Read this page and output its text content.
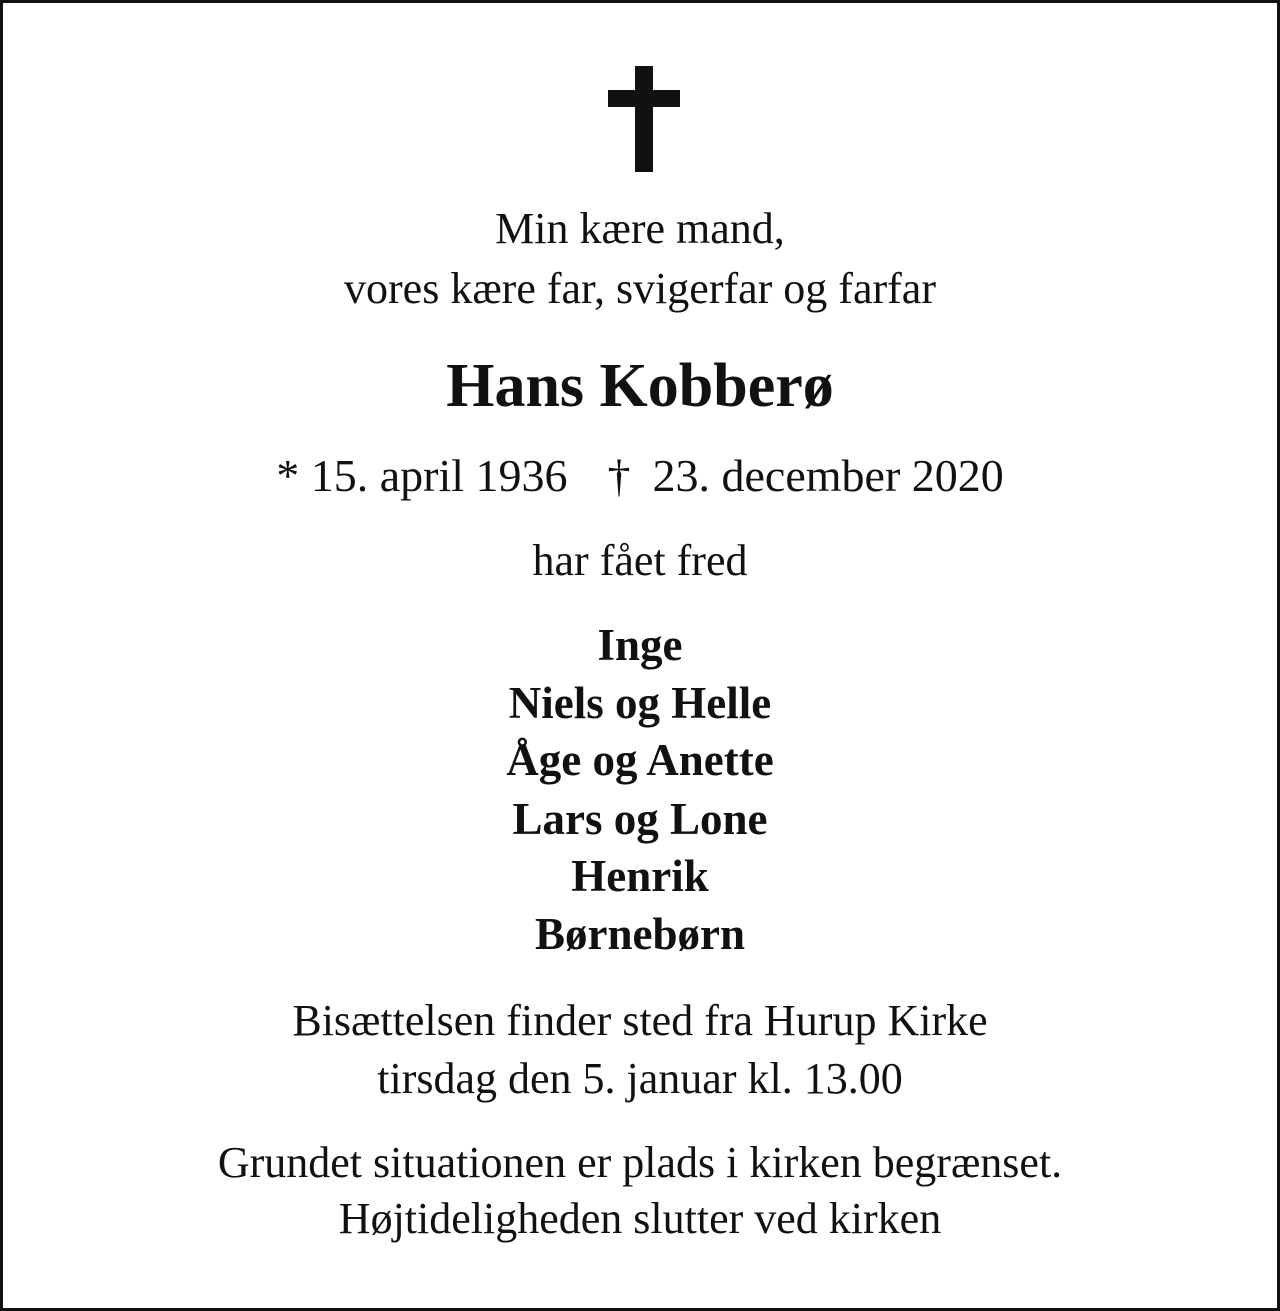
Min kære mand,
vores kære far, svigerfar og farfar
Hans Kobberø
* 15. april 1936 † 23. december 2020
har fået fred
Inge
Niels og Helle
Åge og Anette
Lars og Lone
Henrik
Børnebørn
Bisættelsen finder sted fra Hurup Kirke
tirsdag den 5. januar kl. 13.00
Grundet situationen er plads i kirken begrænset.
Højtideligheden slutter ved kirken
